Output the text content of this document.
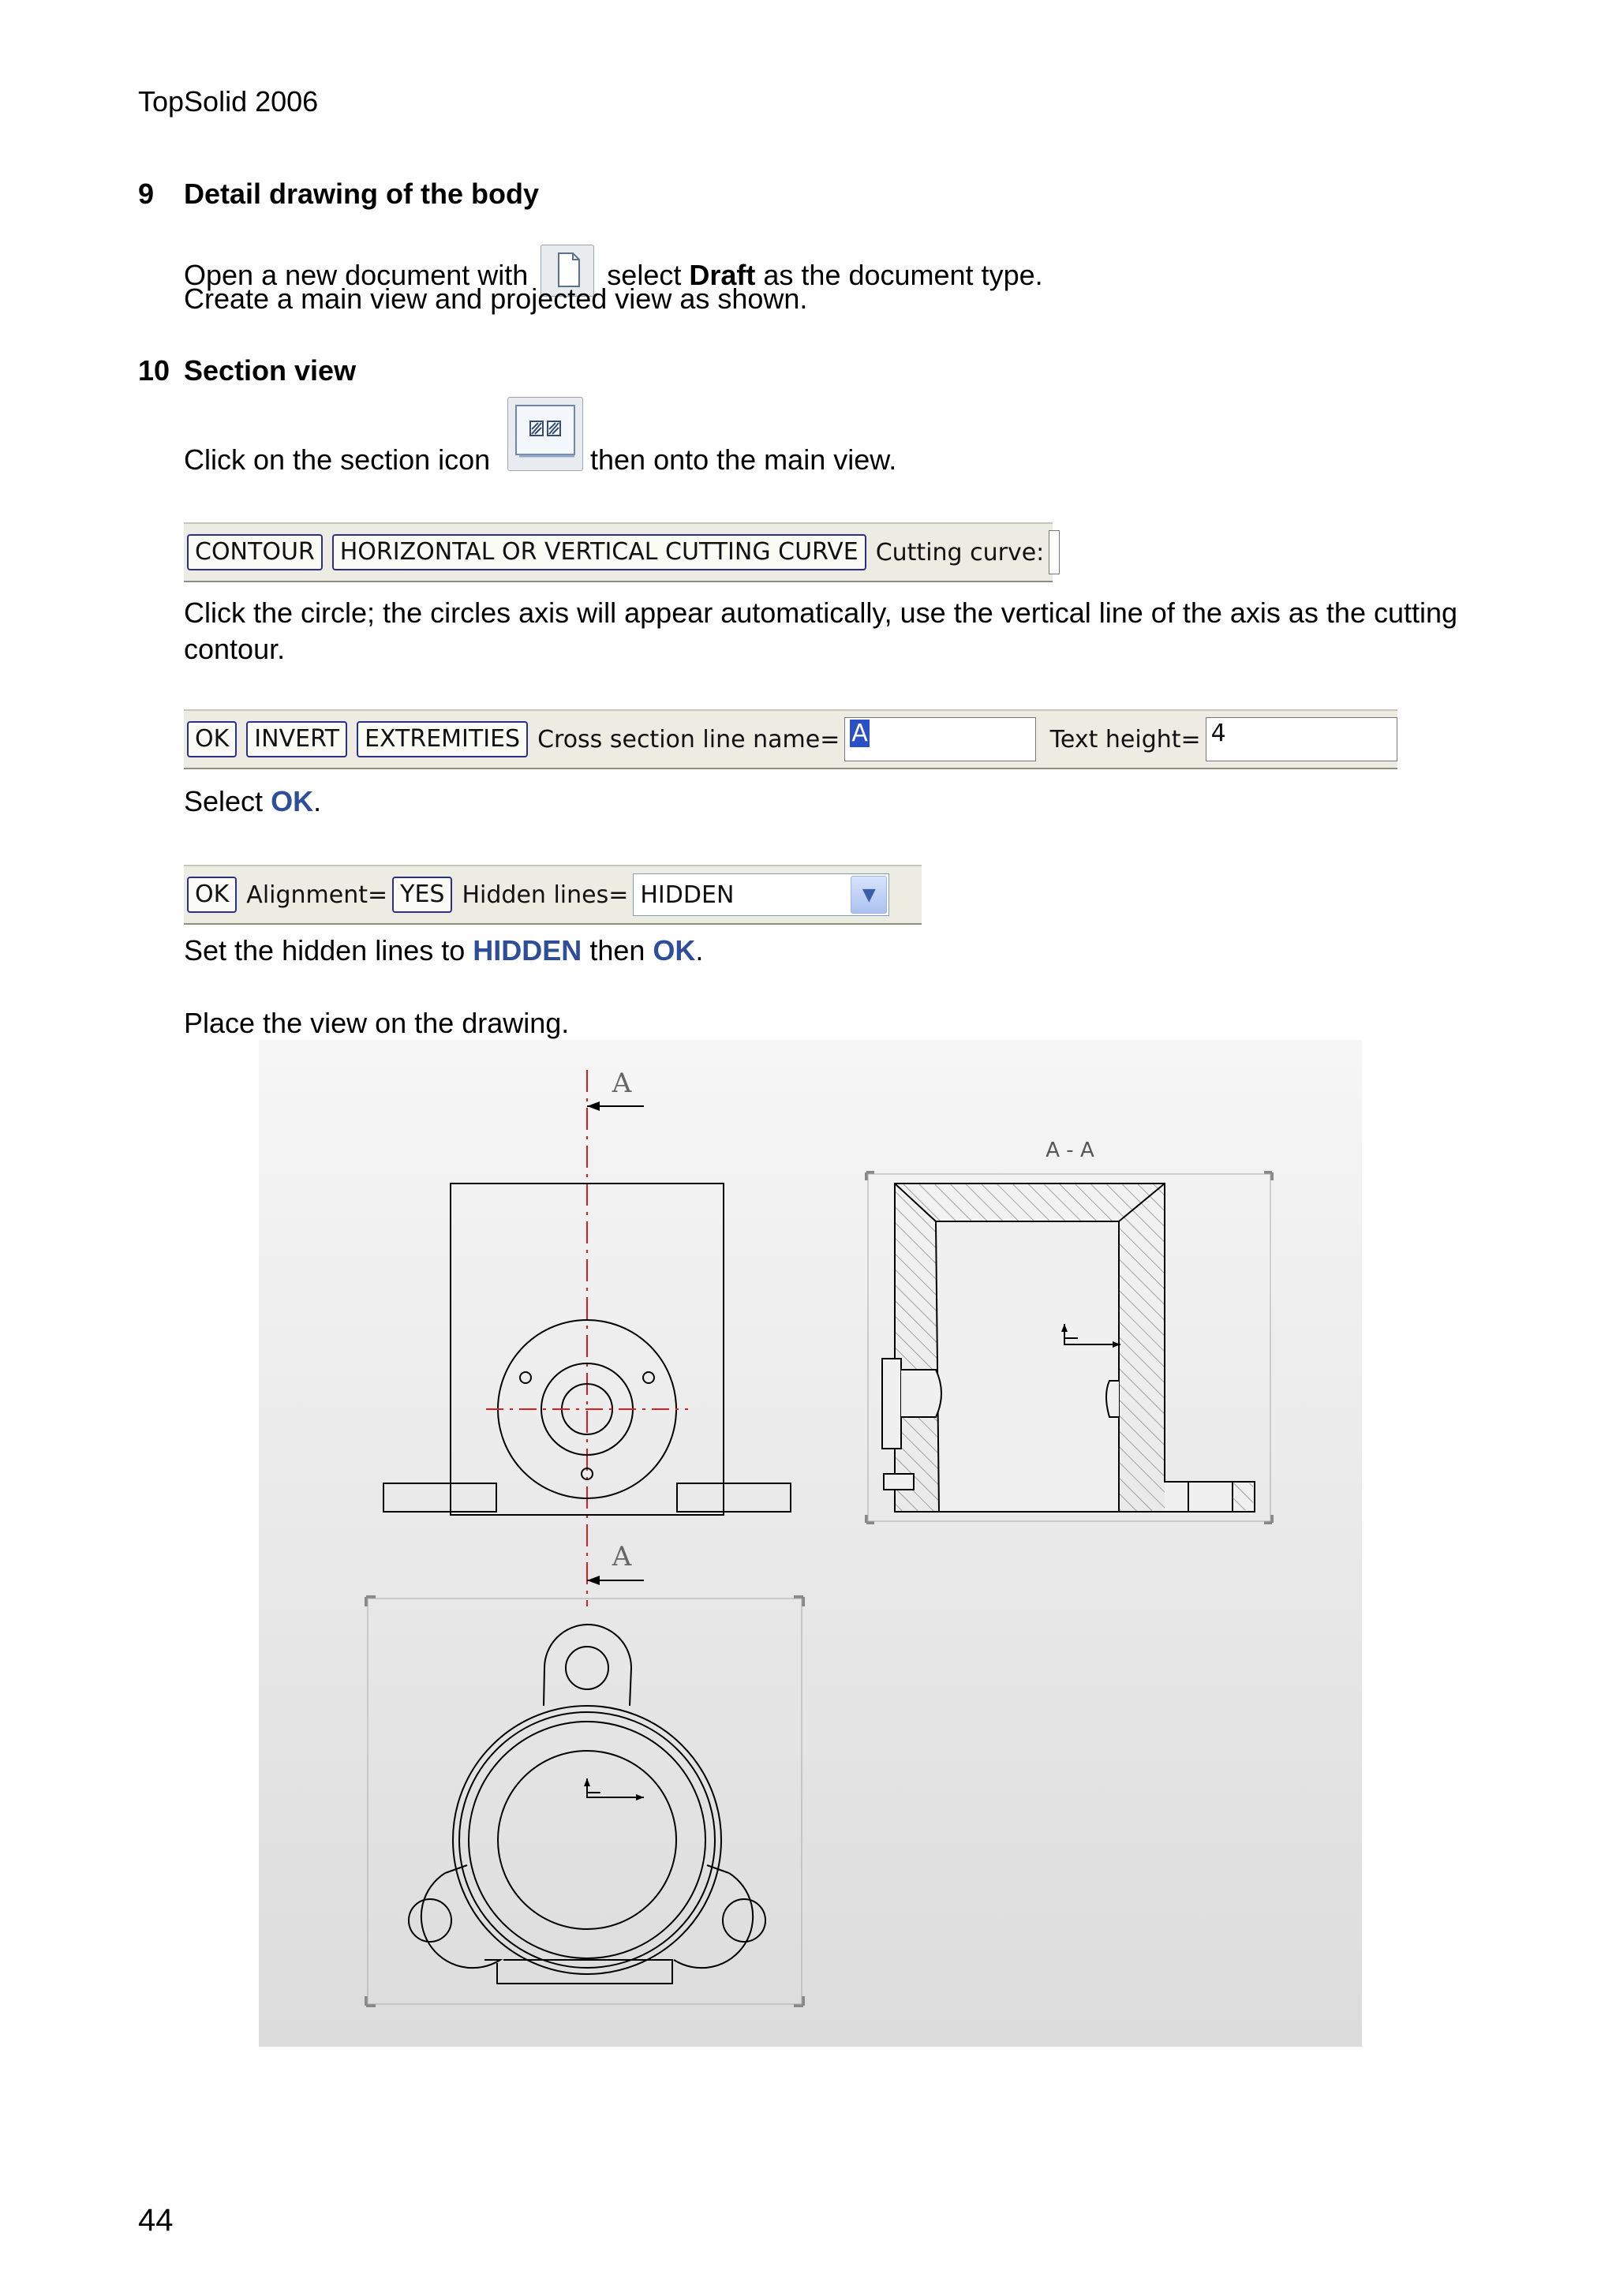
TopSolid 2006
9 Detail drawing of the body
Open a new document with	select Draft as the document type.
Create a main view and projected view as shown.
10 Section view
Click on the section icon	then onto the main view.
CONTOUR	HORIZONTAL OR VERTICAL CUTTING CURVE Cutting curve:
Click the circle; the circles axis will appear automatically, use the vertical line of the axis as the cutting contour.
OK	INVERT	EXTREMITIES Cross section line name= A	Text height= 4
Select OK.
OK Alignment= YES Hidden lines= HIDDEN	▼
Set the hidden lines to HIDDEN then OK.
Place the view on the drawing.
A
A
A - A
44
